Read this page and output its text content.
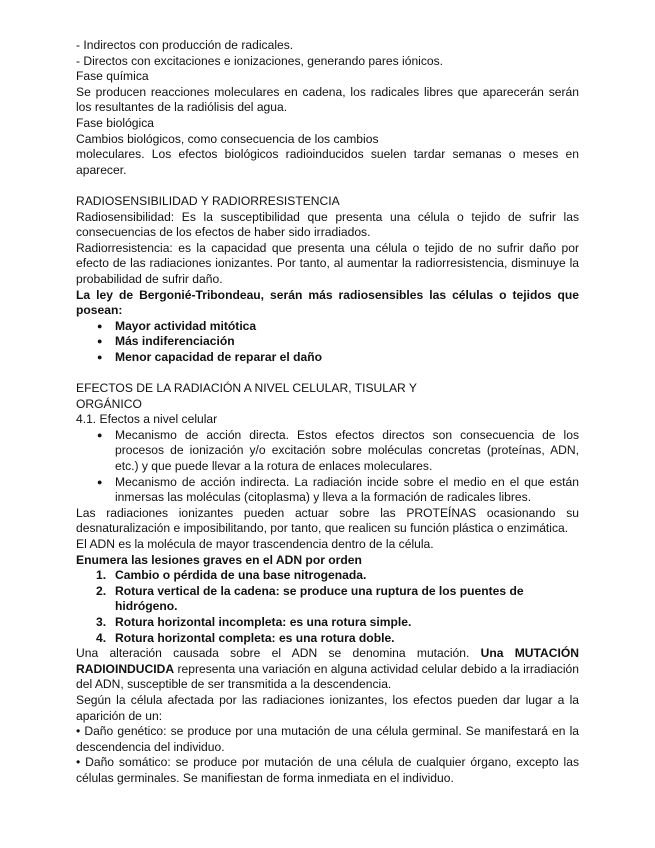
- Indirectos con producción de radicales.

- Directos con excitaciones e ionizaciones, generando pares iónicos.

Fase química

Se producen reacciones moleculares en cadena, los radicales libres que aparecerán serán los resultantes de la radiólisis del agua.

Fase biológica

Cambios biológicos, como consecuencia de los cambios

moleculares. Los efectos biológicos radioinducidos suelen tardar semanas o meses en aparecer.

RADIOSENSIBILIDAD Y RADIORRESISTENCIA

Radiosensibilidad: Es la susceptibilidad que presenta una célula o tejido de sufrir las consecuencias de los efectos de haber sido irradiados.

Radiorresistencia: es la capacidad que presenta una célula o tejido de no sufrir daño por efecto de las radiaciones ionizantes. Por tanto, al aumentar la radiorresistencia, disminuye la probabilidad de sufrir daño.

La ley de Bergonié-Tribondeau, serán más radiosensibles las células o tejidos que posean:

● Mayor actividad mitótica
● Más indiferenciación
● Menor capacidad de reparar el daño

EFECTOS DE LA RADIACIÓN A NIVEL CELULAR, TISULAR Y

ORGÁNICO

4.1. Efectos a nivel celular

● Mecanismo de acción directa. Estos efectos directos son consecuencia de los procesos de ionización y/o excitación sobre moléculas concretas (proteínas, ADN, etc.) y que puede llevar a la rotura de enlaces moleculares.
● Mecanismo de acción indirecta. La radiación incide sobre el medio en el que están inmersas las moléculas (citoplasma) y lleva a la formación de radicales libres.

Las radiaciones ionizantes pueden actuar sobre las PROTEÍNAS ocasionando su desnaturalización e imposibilitando, por tanto, que realicen su función plástica o enzimática.

El ADN es la molécula de mayor trascendencia dentro de la célula.

Enumera las lesiones graves en el ADN por orden

1. Cambio o pérdida de una base nitrogenada.
2. Rotura vertical de la cadena: se produce una ruptura de los puentes de hidrógeno.
3. Rotura horizontal incompleta: es una rotura simple.
4. Rotura horizontal completa: es una rotura doble.

Una alteración causada sobre el ADN se denomina mutación. Una MUTACIÓN RADIOINDUCIDA representa una variación en alguna actividad celular debido a la irradiación del ADN, susceptible de ser transmitida a la descendencia.

Según la célula afectada por las radiaciones ionizantes, los efectos pueden dar lugar a la aparición de un:

• Daño genético: se produce por una mutación de una célula germinal. Se manifestará en la descendencia del individuo.

• Daño somático: se produce por mutación de una célula de cualquier órgano, excepto las células germinales. Se manifiestan de forma inmediata en el individuo.
